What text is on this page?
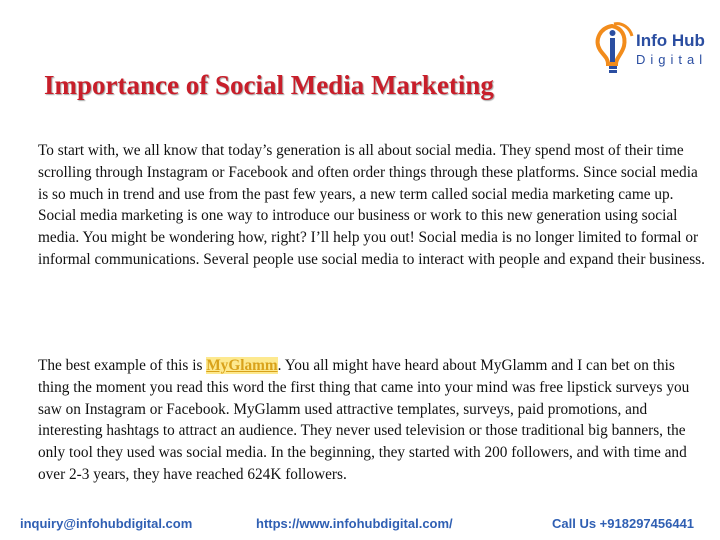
Info Hub
Digital
Importance of Social Media Marketing

To start with, we all know that today’s generation is all about social media. They spend most of their time scrolling through Instagram or Facebook and often order things through these platforms. Since social media is so much in trend and use from the past few years, a new term called social media marketing came up. Social media marketing is one way to introduce our business or work to this new generation using social media. You might be wondering how, right? I’ll help you out! Social media is no longer limited to formal or informal communications. Several people use social media to interact with people and expand their business.

The best example of this is MyGlamm. You all might have heard about MyGlamm and I can bet on this thing the moment you read this word the first thing that came into your mind was free lipstick surveys you saw on Instagram or Facebook. MyGlamm used attractive templates, surveys, paid promotions, and interesting hashtags to attract an audience. They never used television or those traditional big banners, the only tool they used was social media. In the beginning, they started with 200 followers, and with time and over 2-3 years, they have reached 624K followers.

inquiry@infohubdigital.com	https://www.infohubdigital.com/	Call Us +918297456441
